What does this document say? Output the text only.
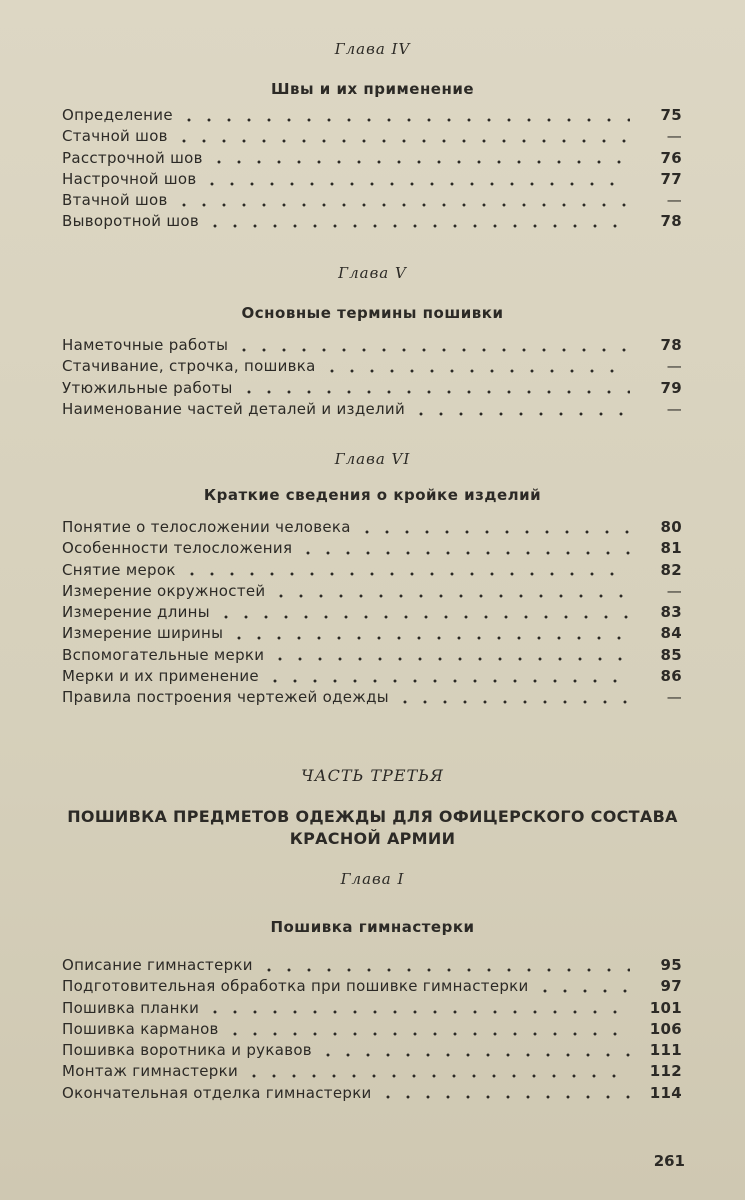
Глава IV
Швы и их применение
Определение	75
Стачной шов	—
Расстрочной шов	76
Настрочной шов	77
Втачной шов	—
Выворотной шов	78
Глава V
Основные термины пошивки
Наметочные работы	78
Стачивание, строчка, пошивка	—
Утюжильные работы	79
Наименование частей деталей и изделий	—
Глава VI
Краткие сведения о кройке изделий
Понятие о телосложении человека	80
Особенности телосложения	81
Снятие мерок	82
Измерение окружностей	—
Измерение длины	83
Измерение ширины	84
Вспомогательные мерки	85
Мерки и их применение	86
Правила построения чертежей одежды	—
ЧАСТЬ ТРЕТЬЯ
ПОШИВКА ПРЕДМЕТОВ ОДЕЖДЫ ДЛЯ ОФИЦЕРСКОГО СОСТАВА
КРАСНОЙ АРМИИ
Глава I
Пошивка гимнастерки
Описание гимнастерки	95
Подготовительная обработка при пошивке гимнастерки	97
Пошивка планки	101
Пошивка карманов	106
Пошивка воротника и рукавов	111
Монтаж гимнастерки	112
Окончательная отделка гимнастерки	114
261
